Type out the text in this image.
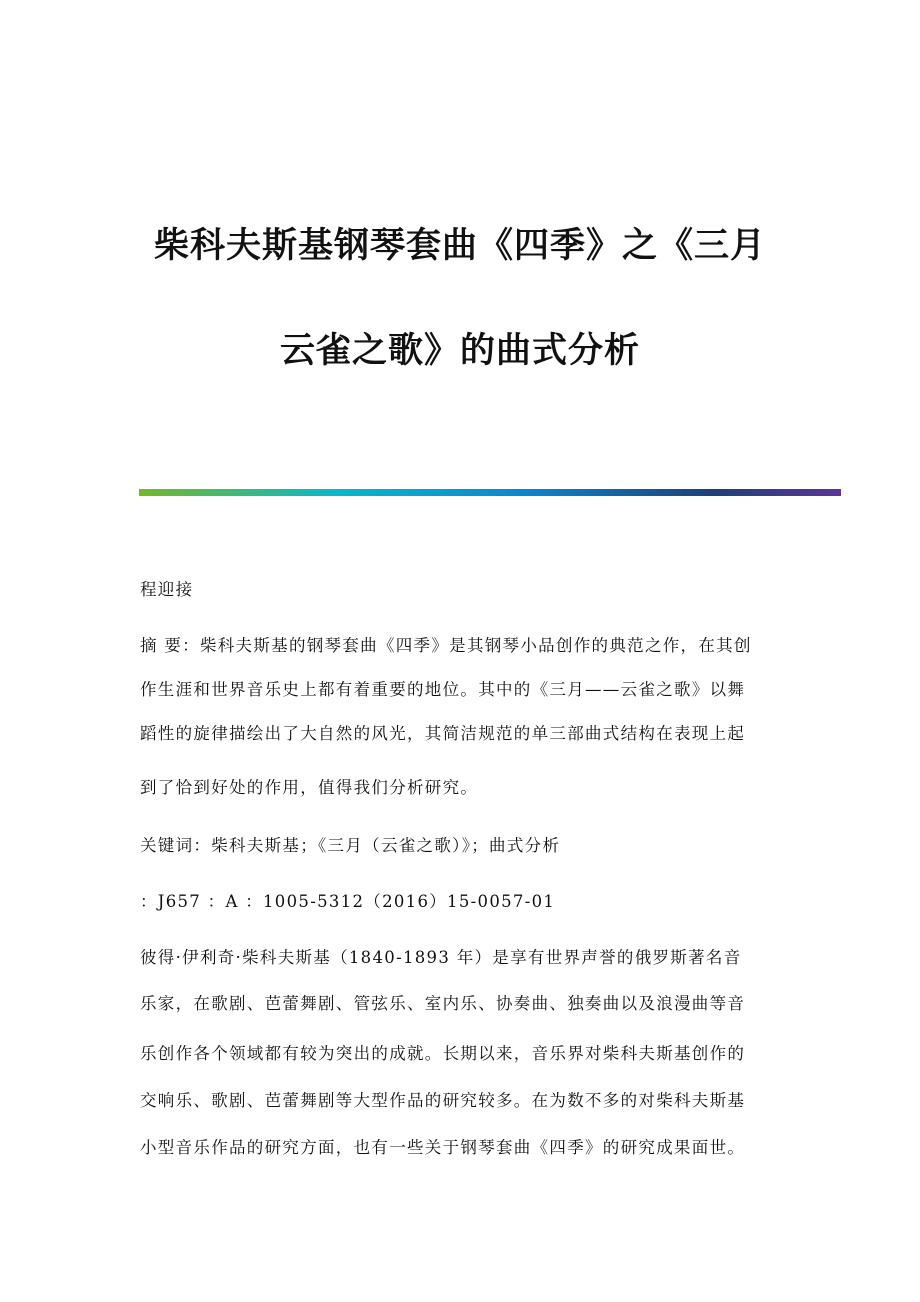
柴科夫斯基钢琴套曲《四季》之《三月
云雀之歌》的曲式分析
程迎接
摘 要：柴科夫斯基的钢琴套曲《四季》是其钢琴小品创作的典范之作，在其创
作生涯和世界音乐史上都有着重要的地位。其中的《三月——云雀之歌》以舞
蹈性的旋律描绘出了大自然的风光，其简洁规范的单三部曲式结构在表现上起
到了恰到好处的作用，值得我们分析研究。
关键词：柴科夫斯基；《三月（云雀之歌）》；曲式分析
：J657 ：A ：1005-5312（2016）15-0057-01
彼得·伊利奇·柴科夫斯基（1840-1893 年）是享有世界声誉的俄罗斯著名音
乐家，在歌剧、芭蕾舞剧、管弦乐、室内乐、协奏曲、独奏曲以及浪漫曲等音
乐创作各个领域都有较为突出的成就。长期以来，音乐界对柴科夫斯基创作的
交响乐、歌剧、芭蕾舞剧等大型作品的研究较多。在为数不多的对柴科夫斯基
小型音乐作品的研究方面，也有一些关于钢琴套曲《四季》的研究成果面世。
